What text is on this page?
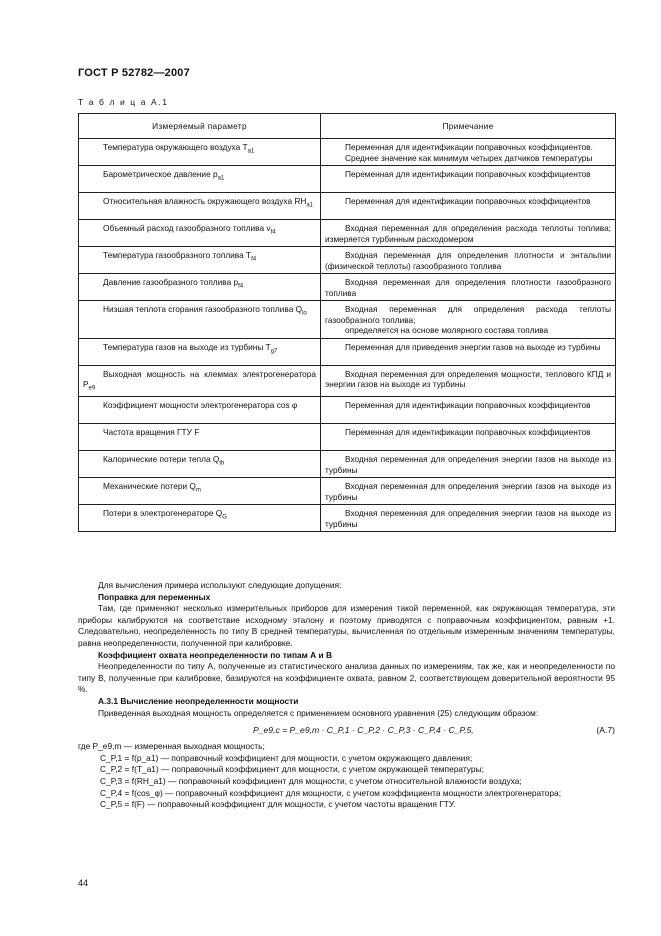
ГОСТ Р 52782—2007
Т а б л и ц а А.1
Измеряемый параметр	Примечание
Температура окружающего воздуха $T_{a1}$	Переменная для идентификации поправочных коэффициентов.
Среднее значение как минимум четырех датчиков температуры

Барометрическое давление $p_{a1}$	Переменная для идентификации поправочных коэффициентов

Относительная влажность окружающего воздуха $RH_{a1}$	Переменная для идентификации поправочных коэффициентов

Объемный расход газообразного топлива $v_{f4}$	Входная переменная для определения расхода теплоты топлива; измеряется турбинным расходомером

Температура газообразного топлива $T_{f4}$	Входная переменная для определения плотности и энтальпии (физической теплоты) газообразного топлива

Давление газообразного топлива $p_{f4}$	Входная переменная для определения плотности газообразного топлива

Низшая теплота сгорания газообразного топлива $Q_{lo}$	Входная переменная для определения расхода теплоты газообразного топлива;
определяется на основе молярного состава топлива

Температура газов на выходе из турбины $T_{g7}$	Переменная для приведения энергии газов на выходе из турбины

Выходная мощность на клеммах электрогенератора $P_{e9}$	Входная переменная для определения мощности, теплового КПД и энергии газов на выходе из турбины

Коэффициент мощности электрогенератора cos φ	Переменная для идентификации поправочных коэффициентов

Частота вращения ГТУ F	Переменная для идентификации поправочных коэффициентов

Калорические потери тепла $Q_{th}$	Входная переменная для определения энергии газов на выходе из турбины

Механические потери $Q_m$	Входная переменная для определения энергии газов на выходе из турбины

Потери в электрогенераторе $Q_G$	Входная переменная для определения энергии газов на выходе из турбины

Для вычисления примера используют следующие допущения:

Поправка для переменных

Там, где применяют несколько измерительных приборов для измерения такой переменной, как окружающая температура, эти приборы калибруются на соответствие исходному эталону и поэтому приводятся с поправочным коэффициентом, равным +1. Следовательно, неопределенность по типу B средней температуры, вычисленная по отдельным измеренным значениям температуры, равна неопределенности, полученной при калибровке.

Коэффициент охвата неопределенности по типам А и В

Неопределенности по типу А, полученные из статистического анализа данных по измерениям, так же, как и неопределенности по типу В, полученные при калибровке, базируются на коэффициенте охвата, равном 2, соответствующем доверительной вероятности 95 %.

А.3.1 Вычисление неопределенности мощности

Приведенная выходная мощность определяется с применением основного уравнения (25) следующим образом:

P_e9,c = P_e9,m · C_P,1 · C_P,2 · C_P,3 · C_P,4 · C_P,5,	(А.7)

где P_e9,m — измеренная выходная мощность;

C_P,1 = f(p_a1) — поправочный коэффициент для мощности, с учетом окружающего давления;

C_P,2 = f(T_a1) — поправочный коэффициент для мощности, с учетом окружающей температуры;

C_P,3 = f(RH_a1) — поправочный коэффициент для мощности, с учетом относительной влажности воздуха;

C_P,4 = f(cos_φ) — поправочный коэффициент для мощности, с учетом коэффициента мощности электрогенератора;

C_P,5 = f(F) — поправочный коэффициент для мощности, с учетом частоты вращения ГТУ.

44
